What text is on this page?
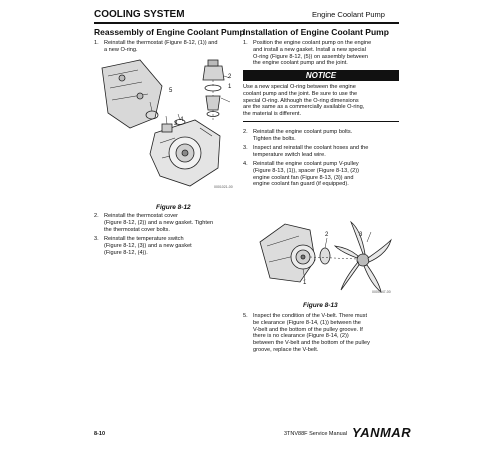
COOLING SYSTEM	Engine Coolant Pump
Reassembly of Engine Coolant Pump
1. Reinstall the thermostat (Figure 8-12, (1)) and
a new O-ring.
2
1
5
3
4
0001021-00
Figure 8-12
2. Reinstall the thermostat cover
(Figure 8-12, (2)) and a new gasket. Tighten
the thermostat cover bolts.
3. Reinstall the temperature switch
(Figure 8-12, (3)) and a new gasket
(Figure 8-12, (4)).
Installation of Engine Coolant Pump
1. Position the engine coolant pump on the engine
and install a new gasket. Install a new special
O-ring (Figure 8-12, (5)) on assembly between
the engine coolant pump and the joint.
NOTICE
Use a new special O-ring between the engine
coolant pump and the joint. Be sure to use the
special O-ring. Although the O-ring dimensions
are the same as a commercially available O-ring,
the material is different.
2. Reinstall the engine coolant pump bolts.
Tighten the bolts.
3. Inspect and reinstall the coolant hoses and the
temperature switch lead wire.
4. Reinstall the engine coolant pump V-pulley
(Figure 8-13, (1)), spacer (Figure 8-13, (2))
engine coolant fan (Figure 8-13, (3)) and
engine coolant fan guard (if equipped).
1
2	3
0000947-00
Figure 8-13
5. Inspect the condition of the V-belt. There must
be clearance (Figure 8-14, (1)) between the
V-belt and the bottom of the pulley groove. If
there is no clearance (Figure 8-14, (2))
between the V-belt and the bottom of the pulley
groove, replace the V-belt.
8-10	3TNV88F Service Manual YANMAR
